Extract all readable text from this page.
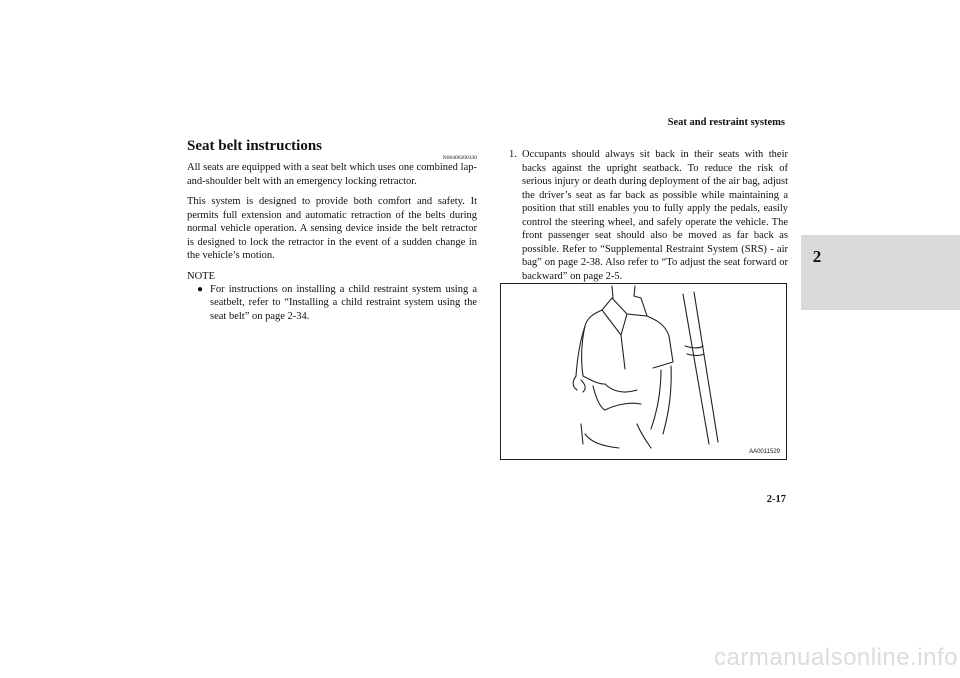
Seat and restraint systems
2
Seat belt instructions
N00406200330

All seats are equipped with a seat belt which uses one combined lap-and-shoulder belt with an emergency locking retractor.

This system is designed to provide both comfort and safety. It permits full extension and automatic retraction of the belts during normal vehicle operation. A sensing device inside the belt retractor is designed to lock the retractor in the event of a sudden change in the vehicle’s motion.

NOTE
● For instructions on installing a child restraint system using a seatbelt, refer to “Installing a child restraint system using the seat belt” on page 2-34.
1. Occupants should always sit back in their seats with their backs against the upright seatback. To reduce the risk of serious injury or death during deployment of the air bag, adjust the driver’s seat as far back as possible while maintaining a position that still enables you to fully apply the pedals, easily control the steering wheel, and safely operate the vehicle. The front passenger seat should also be moved as far back as possible. Refer to “Supplemental Restraint System (SRS) - air bag” on page 2-38. Also refer to “To adjust the seat forward or backward” on page 2-5.
AA0011529
2-17
carmanualsonline.info
